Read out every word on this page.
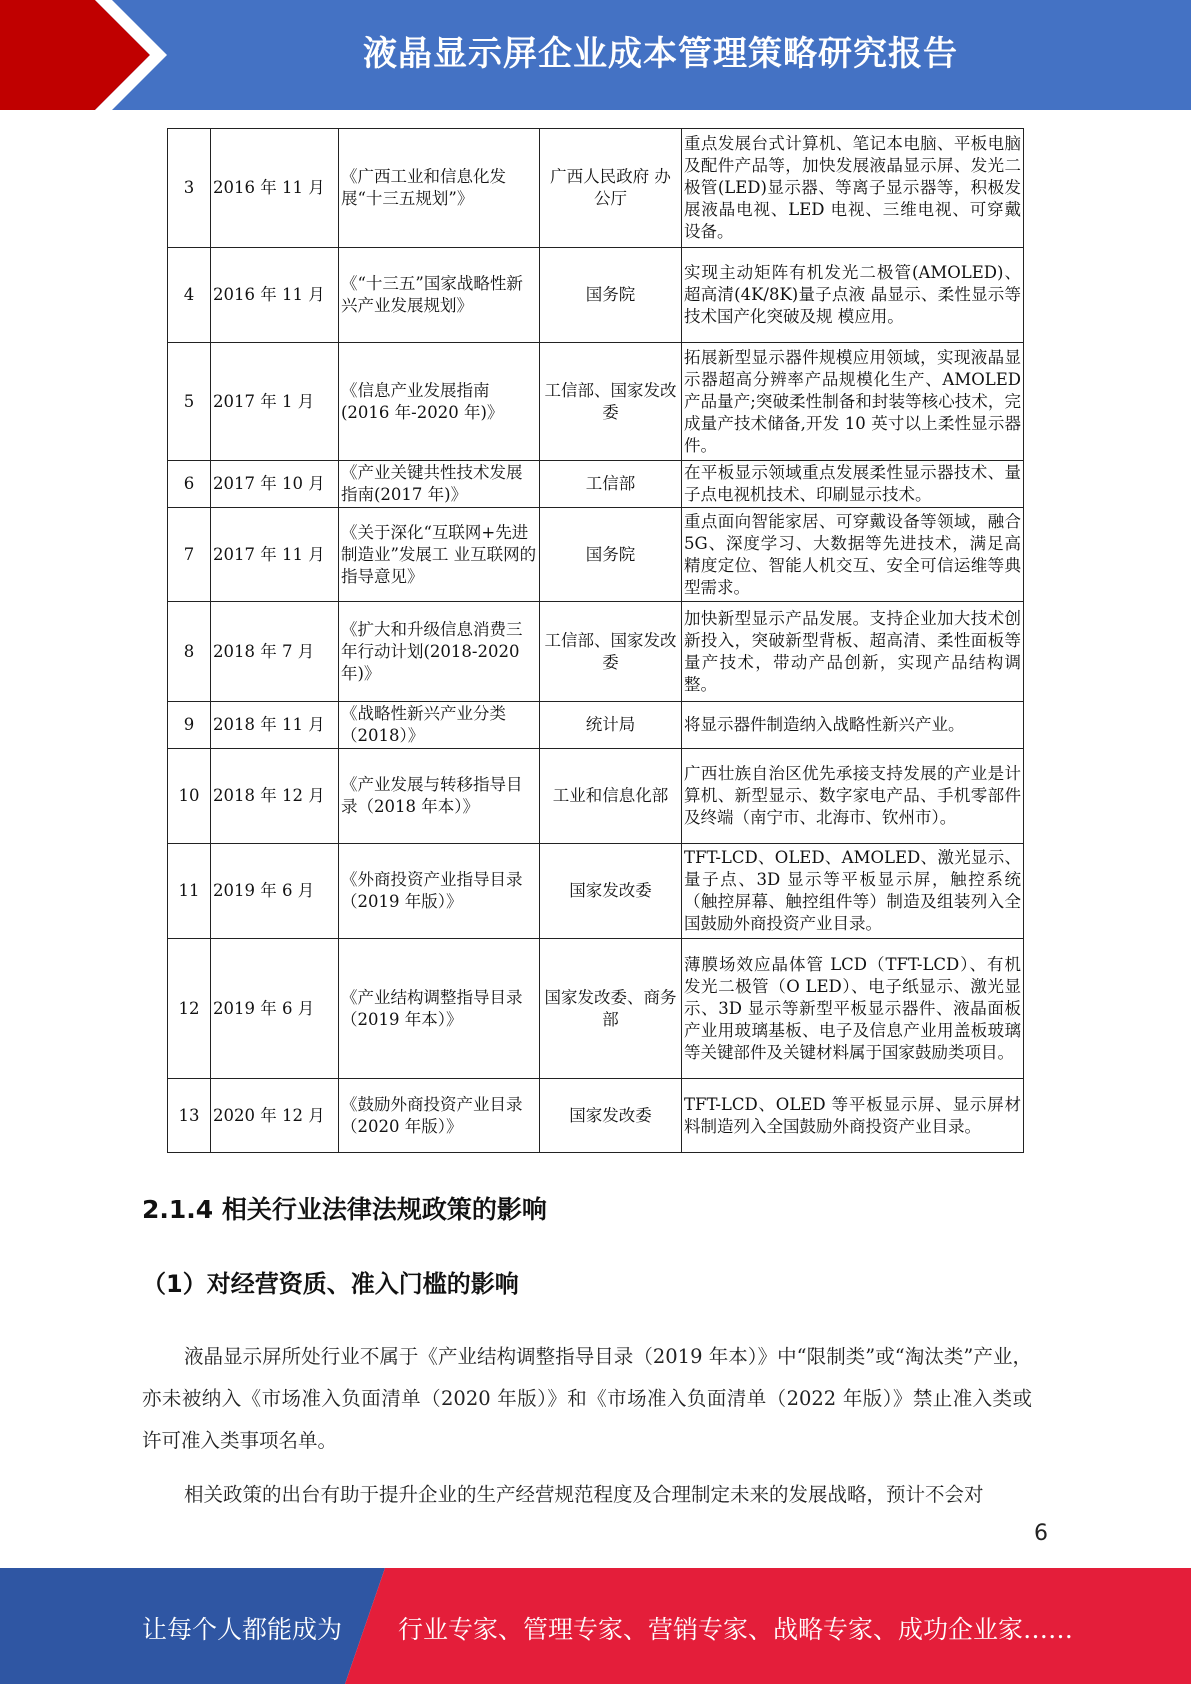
液晶显示屏企业成本管理策略研究报告
3	2016 年 11 月	《广西工业和信息化发展“十三五规划”》	广西人民政府 办公厅	重点发展台式计算机、笔记本电脑、平板电脑及配件产品等，加快发展液晶显示屏、发光二极管(LED)显示器、等离子显示器等，积极发展液晶电视、LED 电视、三维电视、可穿戴设备。
4	2016 年 11 月	《“十三五”国家战略性新兴产业发展规划》	国务院	实现主动矩阵有机发光二极管(AMOLED)、超高清(4K/8K)量子点液 晶显示、柔性显示等技术国产化突破及规 模应用。
5	2017 年 1 月	《信息产业发展指南(2016 年-2020 年)》	工信部、国家发改委	拓展新型显示器件规模应用领域，实现液晶显示器超高分辨率产品规模化生产、AMOLED 产品量产;突破柔性制备和封装等核心技术，完成量产技术储备,开发 10 英寸以上柔性显示器件。
6	2017 年 10 月	《产业关键共性技术发展指南(2017 年)》	工信部	在平板显示领域重点发展柔性显示器技术、量子点电视机技术、印刷显示技术。
7	2017 年 11 月	《关于深化“互联网+先进制造业”发展工 业互联网的指导意见》	国务院	重点面向智能家居、可穿戴设备等领域，融合 5G、深度学习、大数据等先进技术，满足高精度定位、智能人机交互、安全可信运维等典型需求。
8	2018 年 7 月	《扩大和升级信息消费三年行动计划(2018-2020 年)》	工信部、国家发改委	加快新型显示产品发展。支持企业加大技术创新投入，突破新型背板、超高清、柔性面板等量产技术，带动产品创新，实现产品结构调整。
9	2018 年 11 月	《战略性新兴产业分类（2018）》	统计局	将显示器件制造纳入战略性新兴产业。
10	2018 年 12 月	《产业发展与转移指导目录（2018 年本）》	工业和信息化部	广西壮族自治区优先承接支持发展的产业是计算机、新型显示、数字家电产品、手机零部件及终端（南宁市、北海市、钦州市）。
11	2019 年 6 月	《外商投资产业指导目录（2019 年版）》	国家发改委	TFT-LCD、OLED、AMOLED、激光显示、量子点、3D 显示等平板显示屏，触控系统（触控屏幕、触控组件等）制造及组装列入全国鼓励外商投资产业目录。
12	2019 年 6 月	《产业结构调整指导目录（2019 年本）》	国家发改委、商务部	薄膜场效应晶体管 LCD（TFT-LCD）、有机发光二极管（O LED）、电子纸显示、激光显示、3D 显示等新型平板显示器件、液晶面板产业用玻璃基板、电子及信息产业用盖板玻璃等关键部件及关键材料属于国家鼓励类项目。
13	2020 年 12 月	《鼓励外商投资产业目录（2020 年版）》	国家发改委	TFT-LCD、OLED 等平板显示屏、显示屏材料制造列入全国鼓励外商投资产业目录。
2.1.4 相关行业法律法规政策的影响
（1）对经营资质、准入门槛的影响

液晶显示屏所处行业不属于《产业结构调整指导目录（2019 年本）》中“限制类”或“淘汰类”产业，亦未被纳入《市场准入负面清单（2020 年版）》和《市场准入负面清单（2022 年版）》禁止准入类或许可准入类事项名单。

相关政策的出台有助于提升企业的生产经营规范程度及合理制定未来的发展战略，预计不会对

6
让每个人都能成为 行业专家、管理专家、营销专家、战略专家、成功企业家……
